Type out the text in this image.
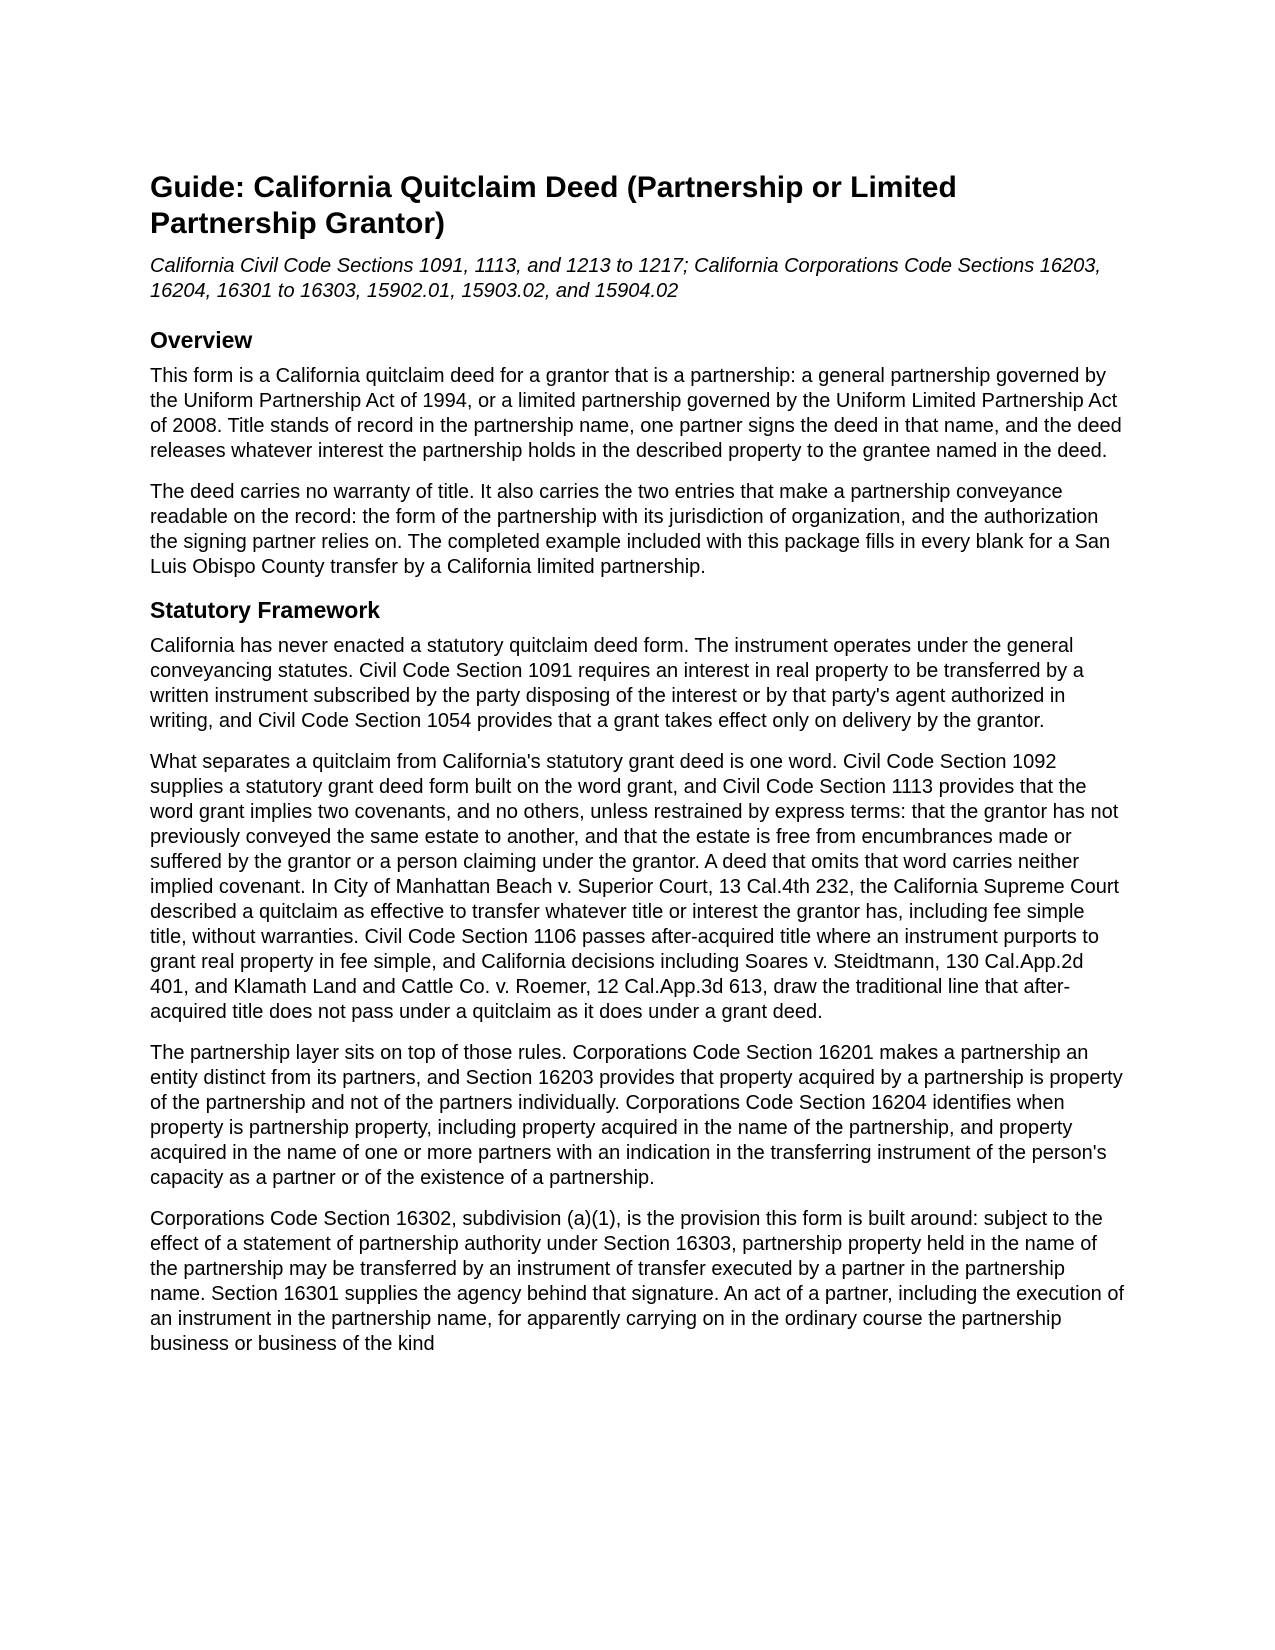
Guide: California Quitclaim Deed (Partnership or Limited Partnership Grantor)
California Civil Code Sections 1091, 1113, and 1213 to 1217; California Corporations Code Sections 16203, 16204, 16301 to 16303, 15902.01, 15903.02, and 15904.02
Overview

This form is a California quitclaim deed for a grantor that is a partnership: a general partnership governed by the Uniform Partnership Act of 1994, or a limited partnership governed by the Uniform Limited Partnership Act of 2008. Title stands of record in the partnership name, one partner signs the deed in that name, and the deed releases whatever interest the partnership holds in the described property to the grantee named in the deed.

The deed carries no warranty of title. It also carries the two entries that make a partnership conveyance readable on the record: the form of the partnership with its jurisdiction of organization, and the authorization the signing partner relies on. The completed example included with this package fills in every blank for a San Luis Obispo County transfer by a California limited partnership.

Statutory Framework

California has never enacted a statutory quitclaim deed form. The instrument operates under the general conveyancing statutes. Civil Code Section 1091 requires an interest in real property to be transferred by a written instrument subscribed by the party disposing of the interest or by that party's agent authorized in writing, and Civil Code Section 1054 provides that a grant takes effect only on delivery by the grantor.

What separates a quitclaim from California's statutory grant deed is one word. Civil Code Section 1092 supplies a statutory grant deed form built on the word grant, and Civil Code Section 1113 provides that the word grant implies two covenants, and no others, unless restrained by express terms: that the grantor has not previously conveyed the same estate to another, and that the estate is free from encumbrances made or suffered by the grantor or a person claiming under the grantor. A deed that omits that word carries neither implied covenant. In City of Manhattan Beach v. Superior Court, 13 Cal.4th 232, the California Supreme Court described a quitclaim as effective to transfer whatever title or interest the grantor has, including fee simple title, without warranties. Civil Code Section 1106 passes after-acquired title where an instrument purports to grant real property in fee simple, and California decisions including Soares v. Steidtmann, 130 Cal.App.2d 401, and Klamath Land and Cattle Co. v. Roemer, 12 Cal.App.3d 613, draw the traditional line that after-acquired title does not pass under a quitclaim as it does under a grant deed.

The partnership layer sits on top of those rules. Corporations Code Section 16201 makes a partnership an entity distinct from its partners, and Section 16203 provides that property acquired by a partnership is property of the partnership and not of the partners individually. Corporations Code Section 16204 identifies when property is partnership property, including property acquired in the name of the partnership, and property acquired in the name of one or more partners with an indication in the transferring instrument of the person's capacity as a partner or of the existence of a partnership.

Corporations Code Section 16302, subdivision (a)(1), is the provision this form is built around: subject to the effect of a statement of partnership authority under Section 16303, partnership property held in the name of the partnership may be transferred by an instrument of transfer executed by a partner in the partnership name. Section 16301 supplies the agency behind that signature. An act of a partner, including the execution of an instrument in the partnership name, for apparently carrying on in the ordinary course the partnership business or business of the kind
